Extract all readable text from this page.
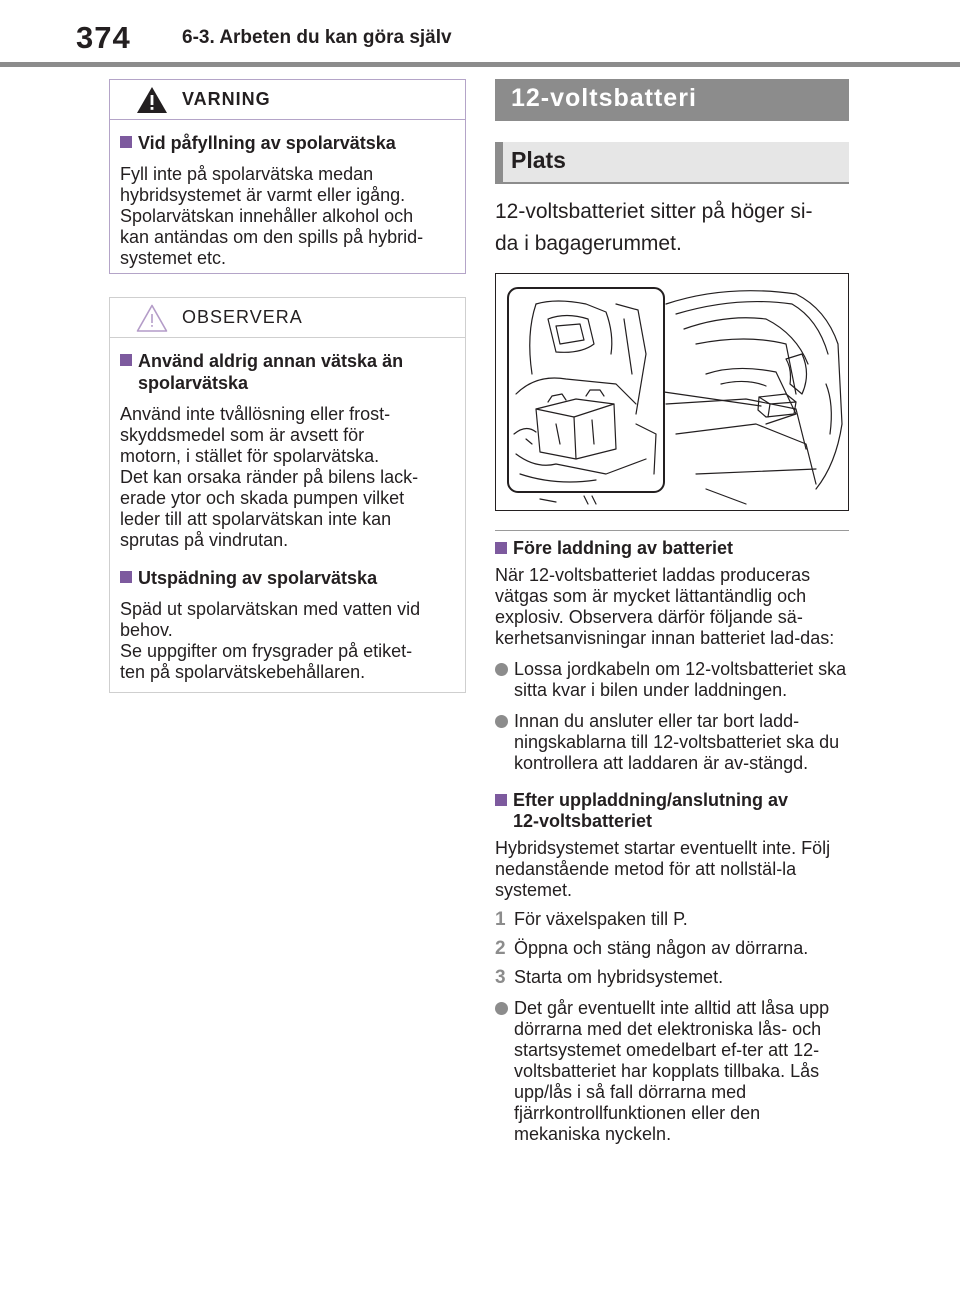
374	6-3. Arbeten du kan göra själv
VARNING
Vid påfyllning av spolarvätska
Fyll inte på spolarvätska medan
hybridsystemet är varmt eller igång.
Spolarvätskan innehåller alkohol och
kan antändas om den spills på hybrid-
systemet etc.
OBSERVERA
Använd aldrig annan vätska än
spolarvätska
Använd inte tvållösning eller frost-
skyddsmedel som är avsett för
motorn, i stället för spolarvätska.
Det kan orsaka ränder på bilens lack-
erade ytor och skada pumpen vilket
leder till att spolarvätskan inte kan
sprutas på vindrutan.
Utspädning av spolarvätska
Späd ut spolarvätskan med vatten vid
behov.
Se uppgifter om frysgrader på etiket-
ten på spolarvätskebehållaren.
12-voltsbatteri
Plats
12-voltsbatteriet sitter på höger si-
da i bagagerummet.
Före laddning av batteriet
När 12-voltsbatteriet laddas produceras vätgas som är mycket lättantändlig och explosiv. Observera därför följande sä-kerhetsanvisningar innan batteriet lad-das:
Lossa jordkabeln om 12-voltsbatteriet ska sitta kvar i bilen under laddningen.
Innan du ansluter eller tar bort ladd-ningskablarna till 12-voltsbatteriet ska du kontrollera att laddaren är av-stängd.
Efter uppladdning/anslutning av
12-voltsbatteriet
Hybridsystemet startar eventuellt inte. Följ nedanstående metod för att nollstäl-la systemet.
1 För växelspaken till P.
2 Öppna och stäng någon av dörrarna.
3 Starta om hybridsystemet.
Det går eventuellt inte alltid att låsa upp dörrarna med det elektroniska lås- och startsystemet omedelbart ef-ter att 12-voltsbatteriet har kopplats tillbaka. Lås upp/lås i så fall dörrarna med fjärrkontrollfunktionen eller den mekaniska nyckeln.
